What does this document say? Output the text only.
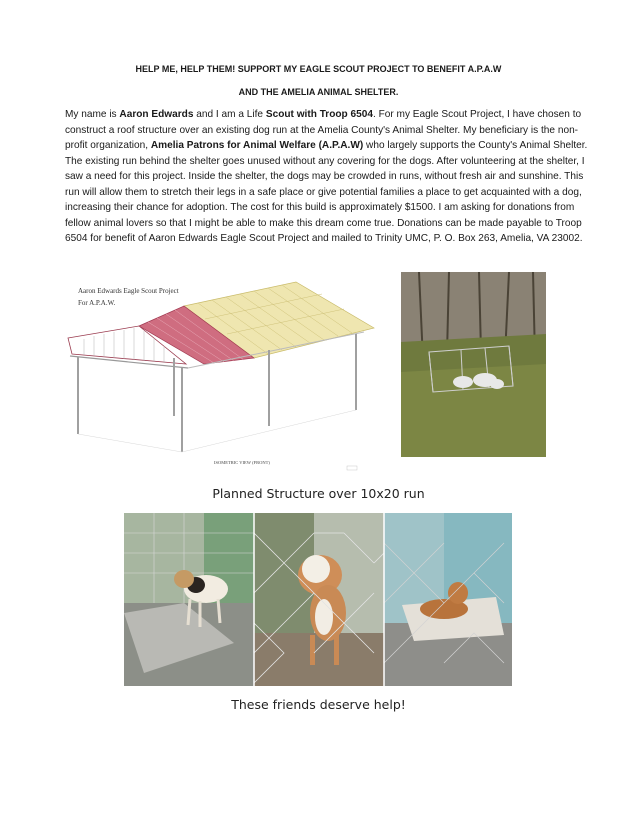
HELP ME, HELP THEM! SUPPORT MY EAGLE SCOUT PROJECT TO BENEFIT A.P.A.W
AND THE AMELIA ANIMAL SHELTER.
My name is Aaron Edwards and I am a Life Scout with Troop 6504. For my Eagle Scout Project, I have chosen to
construct a roof structure over an existing dog run at the Amelia County's Animal Shelter. My beneficiary is the non-
profit organization, Amelia Patrons for Animal Welfare (A.P.A.W) who largely supports the County's Animal Shelter.
The existing run behind the shelter goes unused without any covering for the dogs. After volunteering at the shelter, I
saw a need for this project. Inside the shelter, the dogs may be crowded in runs, without fresh air and sunshine. This
run will allow them to stretch their legs in a safe place or give potential families a place to get acquainted with a dog,
increasing their chance for adoption. The cost for this build is approximately $1500. I am asking for donations from
fellow animal lovers so that I might be able to make this dream come true. Donations can be made payable to Troop
6504 for benefit of Aaron Edwards Eagle Scout Project and mailed to Trinity UMC, P. O. Box 263, Amelia, VA 23002.
Aaron Edwards Eagle Scout Project
For A.P.A.W.
ISOMETRIC VIEW (FRONT)
Planned Structure over 10x20 run
These friends deserve help!
